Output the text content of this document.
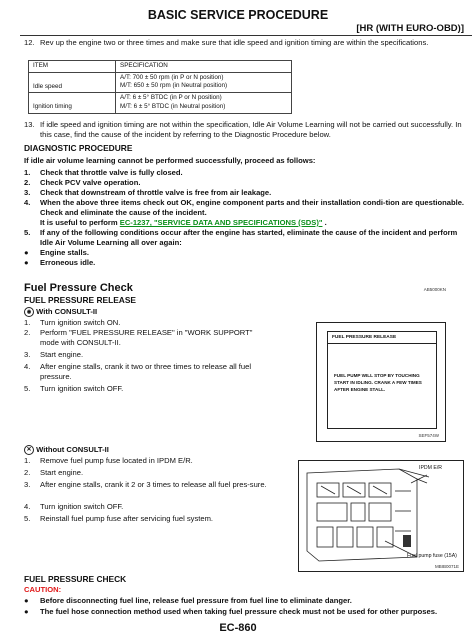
BASIC SERVICE PROCEDURE
[HR (WITH EURO-OBD)]
12. Rev up the engine two or three times and make sure that idle speed and ignition timing are within the specifications.
ITEM	SPECIFICATION
Idle speed	A/T: 700 ± 50 rpm (in P or N position)
M/T: 650 ± 50 rpm (in Neutral position)

Ignition timing	A/T: 6 ± 5° BTDC (in P or N position)
M/T: 6 ± 5° BTDC (in Neutral position)
13. If idle speed and ignition timing are not within the specification, Idle Air Volume Learning will not be carried out successfully. In this case, find the cause of the incident by referring to the Diagnostic Procedure below.
DIAGNOSTIC PROCEDURE
If idle air volume learning cannot be performed successfully, proceed as follows:
1. Check that throttle valve is fully closed.
2. Check PCV valve operation.
3. Check that downstream of throttle valve is free from air leakage.
4. When the above three items check out OK, engine component parts and their installation condi-tion are questionable. Check and eliminate the cause of the incident.
It is useful to perform EC-1237, "SERVICE DATA AND SPECIFICATIONS (SDS)" .
5. If any of the following conditions occur after the engine has started, eliminate the cause of the incident and perform Idle Air Volume Learning all over again:
● Engine stalls.
● Erroneous idle.
Fuel Pressure Check	AB5000KN
FUEL PRESSURE RELEASE
◉ With CONSULT-II
1. Turn ignition switch ON.
2. Perform "FUEL PRESSURE RELEASE" in "WORK SUPPORT" mode with CONSULT-II.
3. Start engine.
4. After engine stalls, crank it two or three times to release all fuel pressure.
5. Turn ignition switch OFF.
FUEL PRESSURE RELEASE
FUEL PUMP WILL STOP BY TOUCHING START IN IDLING. CRANK A FEW TIMES AFTER ENGINE STALL.
SEF574W
✕ Without CONSULT-II
1. Remove fuel pump fuse located in IPDM E/R.
2. Start engine.
3. After engine stalls, crank it 2 or 3 times to release all fuel pres-sure.
4. Turn ignition switch OFF.
5. Reinstall fuel pump fuse after servicing fuel system.
IPDM E/R
Fuel pump fuse (15A)
MBIB0071E
FUEL PRESSURE CHECK
CAUTION:
● Before disconnecting fuel line, release fuel pressure from fuel line to eliminate danger.
● The fuel hose connection method used when taking fuel pressure check must not be used for other purposes.
EC-860
